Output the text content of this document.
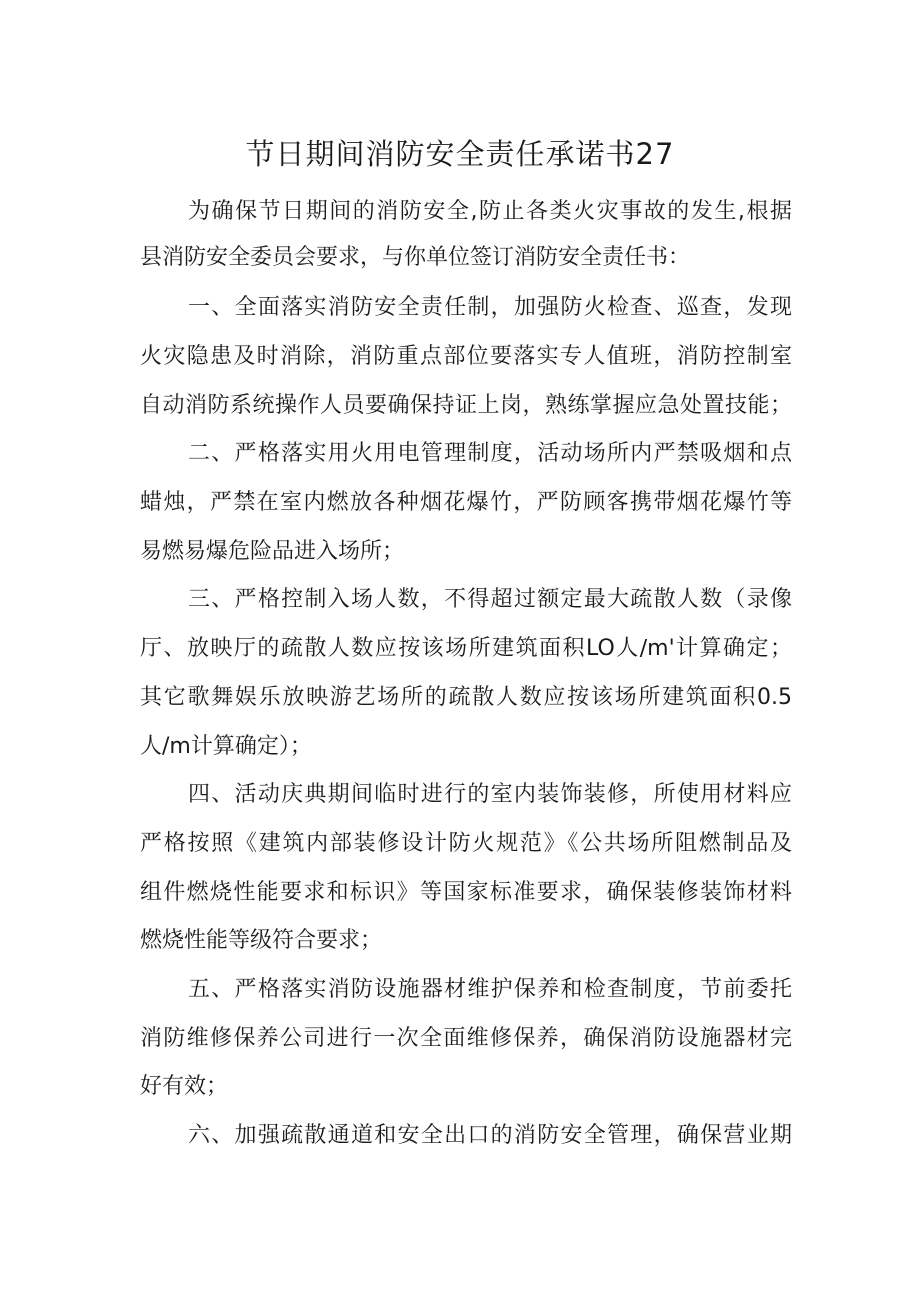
节日期间消防安全责任承诺书27
为确保节日期间的消防安全,防止各类火灾事故的发生,根据
县消防安全委员会要求，与你单位签订消防安全责任书：
一、全面落实消防安全责任制，加强防火检查、巡查，发现
火灾隐患及时消除，消防重点部位要落实专人值班，消防控制室
自动消防系统操作人员要确保持证上岗，熟练掌握应急处置技能；
二、严格落实用火用电管理制度，活动场所内严禁吸烟和点
蜡烛，严禁在室内燃放各种烟花爆竹，严防顾客携带烟花爆竹等
易燃易爆危险品进入场所；
三、严格控制入场人数，不得超过额定最大疏散人数（录像
厅、放映厅的疏散人数应按该场所建筑面积LO人∕m'计算确定；
其它歌舞娱乐放映游艺场所的疏散人数应按该场所建筑面积0.5
人/m计算确定）；
四、活动庆典期间临时进行的室内装饰装修，所使用材料应
严格按照《建筑内部装修设计防火规范》《公共场所阻燃制品及
组件燃烧性能要求和标识》等国家标准要求，确保装修装饰材料
燃烧性能等级符合要求；
五、严格落实消防设施器材维护保养和检查制度，节前委托
消防维修保养公司进行一次全面维修保养，确保消防设施器材完
好有效；
六、加强疏散通道和安全出口的消防安全管理，确保营业期
